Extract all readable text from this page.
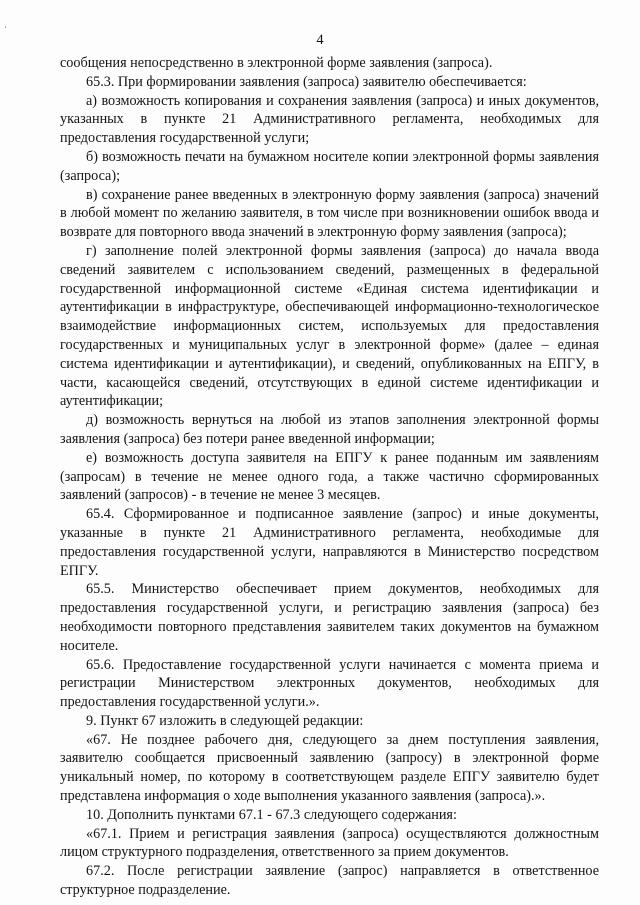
·
4

сообщения непосредственно в электронной форме заявления (запроса).

65.3. При формировании заявления (запроса) заявителю обеспечивается:

а) возможность копирования и сохранения заявления (запроса) и иных документов, указанных в пункте 21 Административного регламента, необходимых для предоставления государственной услуги;

б) возможность печати на бумажном носителе копии электронной формы заявления (запроса);

в) сохранение ранее введенных в электронную форму заявления (запроса) значений в любой момент по желанию заявителя, в том числе при возникновении ошибок ввода и возврате для повторного ввода значений в электронную форму заявления (запроса);

г) заполнение полей электронной формы заявления (запроса) до начала ввода сведений заявителем с использованием сведений, размещенных в федеральной государственной информационной системе «Единая система идентификации и аутентификации в инфраструктуре, обеспечивающей информационно-технологическое взаимодействие информационных систем, используемых для предоставления государственных и муниципальных услуг в электронной форме» (далее – единая система идентификации и аутентификации), и сведений, опубликованных на ЕПГУ, в части, касающейся сведений, отсутствующих в единой системе идентификации и аутентификации;

д) возможность вернуться на любой из этапов заполнения электронной формы заявления (запроса) без потери ранее введенной информации;

е) возможность доступа заявителя на ЕПГУ к ранее поданным им заявлениям (запросам) в течение не менее одного года, а также частично сформированных заявлений (запросов) - в течение не менее 3 месяцев.

65.4. Сформированное и подписанное заявление (запрос) и иные документы, указанные в пункте 21 Административного регламента, необходимые для предоставления государственной услуги, направляются в Министерство посредством ЕПГУ.

65.5. Министерство обеспечивает прием документов, необходимых для предоставления государственной услуги, и регистрацию заявления (запроса) без необходимости повторного представления заявителем таких документов на бумажном носителе.

65.6. Предоставление государственной услуги начинается с момента приема и регистрации Министерством электронных документов, необходимых для предоставления государственной услуги.».

9. Пункт 67 изложить в следующей редакции:

«67. Не позднее рабочего дня, следующего за днем поступления заявления, заявителю сообщается присвоенный заявлению (запросу) в электронной форме уникальный номер, по которому в соответствующем разделе ЕПГУ заявителю будет представлена информация о ходе выполнения указанного заявления (запроса).».

10. Дополнить пунктами 67.1 - 67.3 следующего содержания:

«67.1. Прием и регистрация заявления (запроса) осуществляются должностным лицом структурного подразделения, ответственного за прием документов.

67.2. После регистрации заявление (запрос) направляется в ответственное структурное подразделение.
